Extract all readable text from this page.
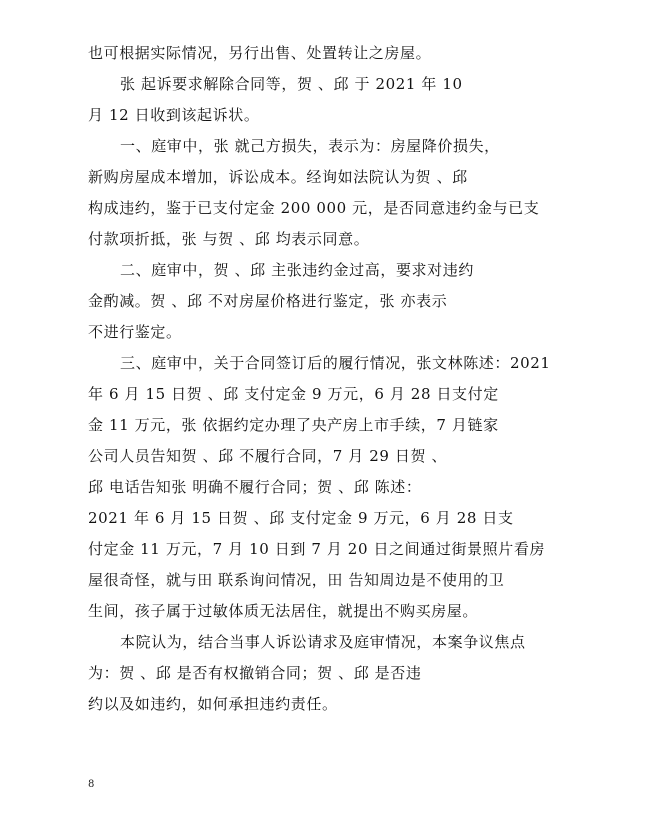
也可根据实际情况，另行出售、处置转让之房屋。
张 起诉要求解除合同等，贺 、邱 于 2021 年 10
月 12 日收到该起诉状。
一、庭审中，张 就己方损失，表示为：房屋降价损失，
新购房屋成本增加，诉讼成本。经询如法院认为贺 、邱
构成违约，鉴于已支付定金 200 000 元，是否同意违约金与已支
付款项折抵，张 与贺 、邱 均表示同意。
二、庭审中，贺 、邱 主张违约金过高，要求对违约
金酌减。贺 、邱 不对房屋价格进行鉴定，张 亦表示
不进行鉴定。
三、庭审中，关于合同签订后的履行情况，张文林陈述：2021
年 6 月 15 日贺 、邱 支付定金 9 万元，6 月 28 日支付定
金 11 万元，张 依据约定办理了央产房上市手续，7 月链家
公司人员告知贺 、邱 不履行合同，7 月 29 日贺 、
邱 电话告知张 明确不履行合同；贺 、邱 陈述：
2021 年 6 月 15 日贺 、邱 支付定金 9 万元，6 月 28 日支
付定金 11 万元，7 月 10 日到 7 月 20 日之间通过街景照片看房
屋很奇怪，就与田 联系询问情况，田 告知周边是不使用的卫
生间，孩子属于过敏体质无法居住，就提出不购买房屋。
本院认为，结合当事人诉讼请求及庭审情况，本案争议焦点
为：贺 、邱 是否有权撤销合同；贺 、邱 是否违
约以及如违约，如何承担违约责任。
8
